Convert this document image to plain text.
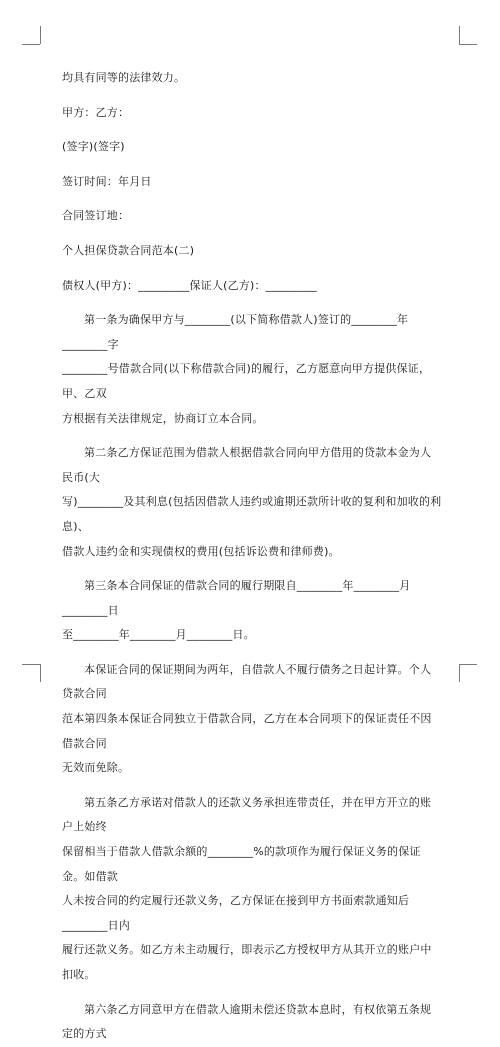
均具有同等的法律效力。

甲方：乙方：

(签字)(签字)

签订时间：年月日

合同签订地：

个人担保贷款合同范本(二)

债权人(甲方)：_________保证人(乙方)：_________

第一条为确保甲方与________(以下简称借款人)签订的________年________字

________号借款合同(以下称借款合同)的履行，乙方愿意向甲方提供保证，甲、乙双

方根据有关法律规定，协商订立本合同。

第二条乙方保证范围为借款人根据借款合同向甲方借用的贷款本金为人民币(大

写)________及其利息(包括因借款人违约或逾期还款所计收的复利和加收的利息)、

借款人违约金和实现债权的费用(包括诉讼费和律师费)。

第三条本合同保证的借款合同的履行期限自________年________月________日

至________年________月________日。

本保证合同的保证期间为两年，自借款人不履行债务之日起计算。个人贷款合同

范本第四条本保证合同独立于借款合同，乙方在本合同项下的保证责任不因借款合同

无效而免除。

第五条乙方承诺对借款人的还款义务承担连带责任，并在甲方开立的账户上始终

保留相当于借款人借款余额的________%的款项作为履行保证义务的保证金。如借款

人未按合同的约定履行还款义务，乙方保证在接到甲方书面索款通知后________日内

履行还款义务。如乙方未主动履行，即表示乙方授权甲方从其开立的账户中扣收。

第六条乙方同意甲方在借款人逾期未偿还贷款本息时，有权依第五条规定的方式
